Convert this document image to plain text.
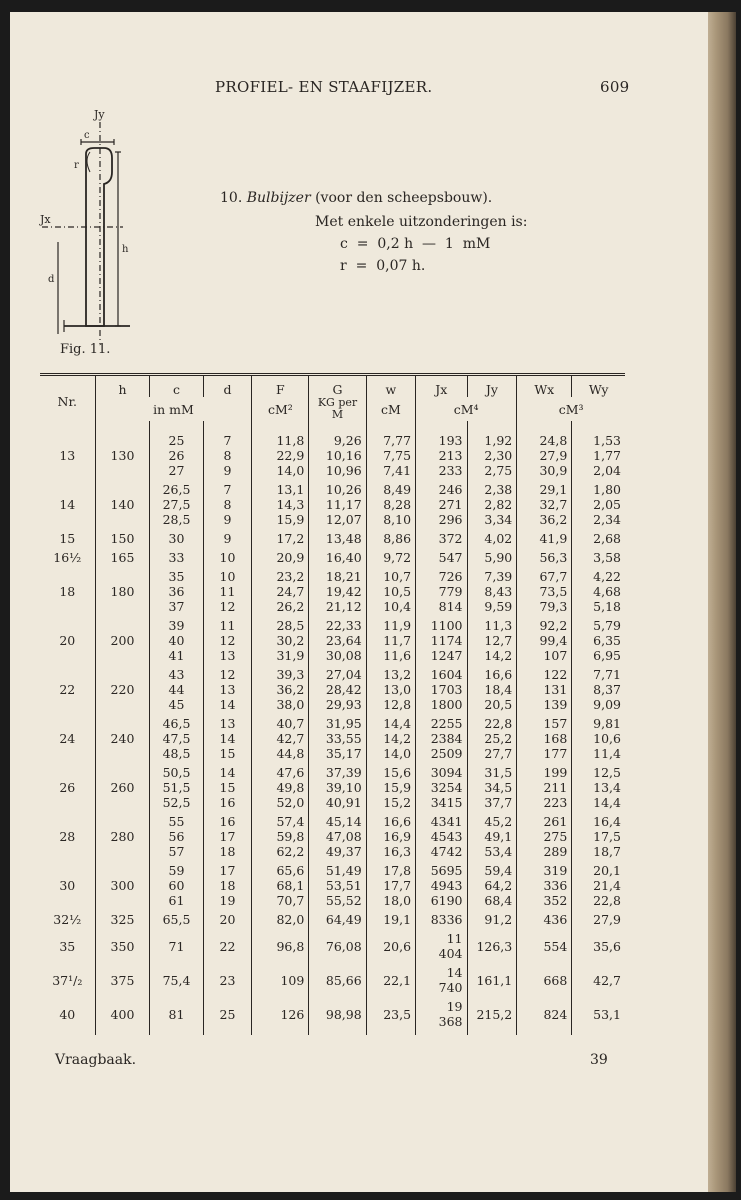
PROFIEL- EN STAAFIJZER.	609
Jy
Jx
c
r
h
d
Fig. 11.
10. Bulbijzer (voor den scheepsbouw).
Met enkele uitzonderingen is:
c  =  0,2 h  —  1  mM
r  =  0,07 h.
Nr.	h	c	d	F	G	w	Jx	Jy	Wx	Wy
	in mM			cM²	KG per M	cM	cM⁴		cM³	

13	130	25	7	11,8	9,26	7,77	193	1,92	24,8	1,53
		26	8	22,9	10,16	7,75	213	2,30	27,9	1,77
		27	9	14,0	10,96	7,41	233	2,75	30,9	2,04
14	140	26,5	7	13,1	10,26	8,49	246	2,38	29,1	1,80
		27,5	8	14,3	11,17	8,28	271	2,82	32,7	2,05
		28,5	9	15,9	12,07	8,10	296	3,34	36,2	2,34
15	150	30	9	17,2	13,48	8,86	372	4,02	41,9	2,68
16½	165	33	10	20,9	16,40	9,72	547	5,90	56,3	3,58
18	180	35	10	23,2	18,21	10,7	726	7,39	67,7	4,22
		36	11	24,7	19,42	10,5	779	8,43	73,5	4,68
		37	12	26,2	21,12	10,4	814	9,59	79,3	5,18
20	200	39	11	28,5	22,33	11,9	1100	11,3	92,2	5,79
		40	12	30,2	23,64	11,7	1174	12,7	99,4	6,35
		41	13	31,9	30,08	11,6	1247	14,2	107	6,95
22	220	43	12	39,3	27,04	13,2	1604	16,6	122	7,71
		44	13	36,2	28,42	13,0	1703	18,4	131	8,37
		45	14	38,0	29,93	12,8	1800	20,5	139	9,09
24	240	46,5	13	40,7	31,95	14,4	2255	22,8	157	9,81
		47,5	14	42,7	33,55	14,2	2384	25,2	168	10,6
		48,5	15	44,8	35,17	14,0	2509	27,7	177	11,4
26	260	50,5	14	47,6	37,39	15,6	3094	31,5	199	12,5
		51,5	15	49,8	39,10	15,9	3254	34,5	211	13,4
		52,5	16	52,0	40,91	15,2	3415	37,7	223	14,4
28	280	55	16	57,4	45,14	16,6	4341	45,2	261	16,4
		56	17	59,8	47,08	16,9	4543	49,1	275	17,5
		57	18	62,2	49,37	16,3	4742	53,4	289	18,7
30	300	59	17	65,6	51,49	17,8	5695	59,4	319	20,1
		60	18	68,1	53,51	17,7	4943	64,2	336	21,4
		61	19	70,7	55,52	18,0	6190	68,4	352	22,8
32½	325	65,5	20	82,0	64,49	19,1	8336	91,2	436	27,9
35	350	71	22	96,8	76,08	20,6	11 404	126,3	554	35,6
37¹/₂	375	75,4	23	109	85,66	22,1	14 740	161,1	668	42,7
40	400	81	25	126	98,98	23,5	19 368	215,2	824	53,1

Vraagbaak.	39
